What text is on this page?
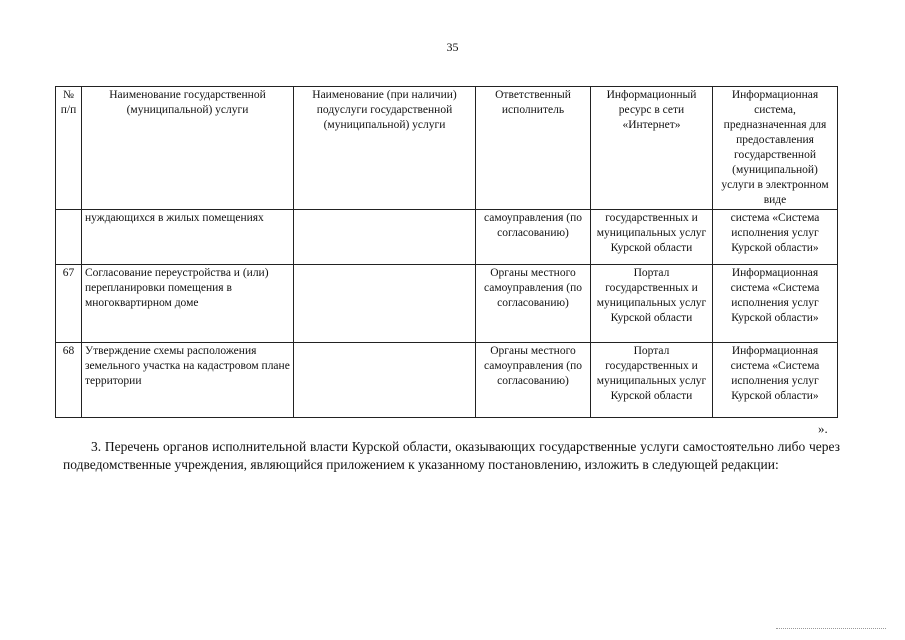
35
№ п/п	Наименование государственной (муниципальной) услуги	Наименование (при наличии) подуслуги государственной (муниципальной) услуги	Ответственный исполнитель	Информационный ресурс в сети «Интернет»	Информационная система, предназначенная для предоставления государственной (муниципальной) услуги в электронном виде
	нуждающихся в жилых помещениях		самоуправления (по согласованию)	государственных и муниципальных услуг Курской области	система «Система исполнения услуг Курской области»
67	Согласование переустройства и (или) перепланировки помещения в многоквартирном доме		Органы местного самоуправления (по согласованию)	Портал государственных и муниципальных услуг Курской области	Информационная система «Система исполнения услуг Курской области»
68	Утверждение схемы расположения земельного участка на кадастровом плане территории		Органы местного самоуправления (по согласованию)	Портал государственных и муниципальных услуг Курской области	Информационная система «Система исполнения услуг Курской области»
».
3. Перечень органов исполнительной власти Курской области, оказывающих государственные услуги самостоятельно либо через подведомственные учреждения, являющийся приложением к указанному постановлению, изложить в следующей редакции:
